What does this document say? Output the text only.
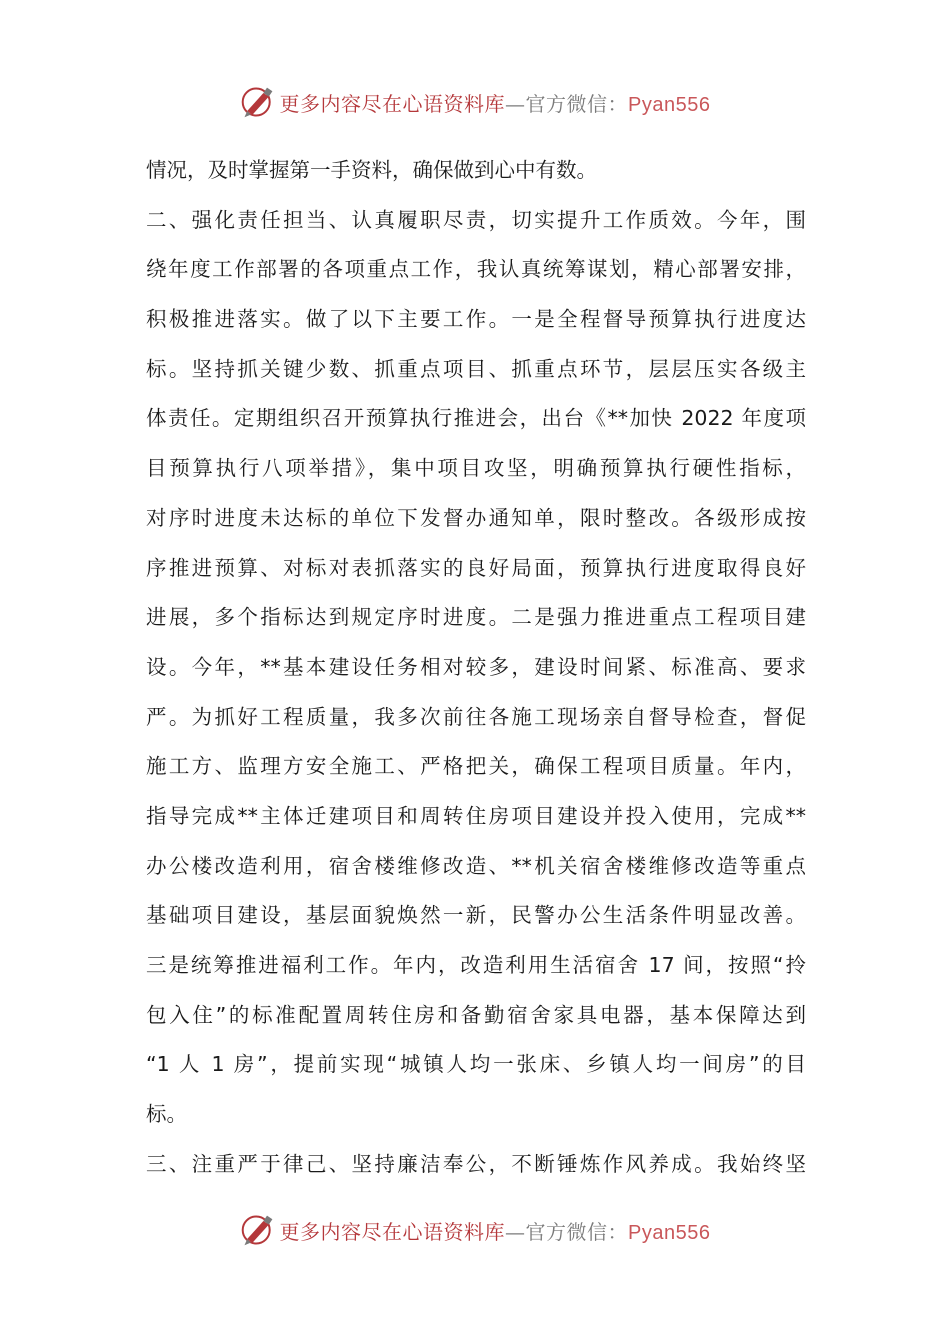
更多内容尽在心语资料库—官方微信：Pyan556
情况，及时掌握第一手资料，确保做到心中有数。
二、强化责任担当、认真履职尽责，切实提升工作质效。今年，围
绕年度工作部署的各项重点工作，我认真统筹谋划，精心部署安排，
积极推进落实。做了以下主要工作。一是全程督导预算执行进度达
标。坚持抓关键少数、抓重点项目、抓重点环节，层层压实各级主
体责任。定期组织召开预算执行推进会，出台《**加快 2022 年度项
目预算执行八项举措》，集中项目攻坚，明确预算执行硬性指标，
对序时进度未达标的单位下发督办通知单，限时整改。各级形成按
序推进预算、对标对表抓落实的良好局面，预算执行进度取得良好
进展，多个指标达到规定序时进度。二是强力推进重点工程项目建
设。今年，**基本建设任务相对较多，建设时间紧、标准高、要求
严。为抓好工程质量，我多次前往各施工现场亲自督导检查，督促
施工方、监理方安全施工、严格把关，确保工程项目质量。年内，
指导完成**主体迁建项目和周转住房项目建设并投入使用，完成**
办公楼改造利用，宿舍楼维修改造、**机关宿舍楼维修改造等重点
基础项目建设，基层面貌焕然一新，民警办公生活条件明显改善。
三是统筹推进福利工作。年内，改造利用生活宿舍 17 间，按照“拎
包入住”的标准配置周转住房和备勤宿舍家具电器，基本保障达到
“1 人 1 房”，提前实现“城镇人均一张床、乡镇人均一间房”的目
标。
三、注重严于律己、坚持廉洁奉公，不断锤炼作风养成。我始终坚
更多内容尽在心语资料库—官方微信：Pyan556
